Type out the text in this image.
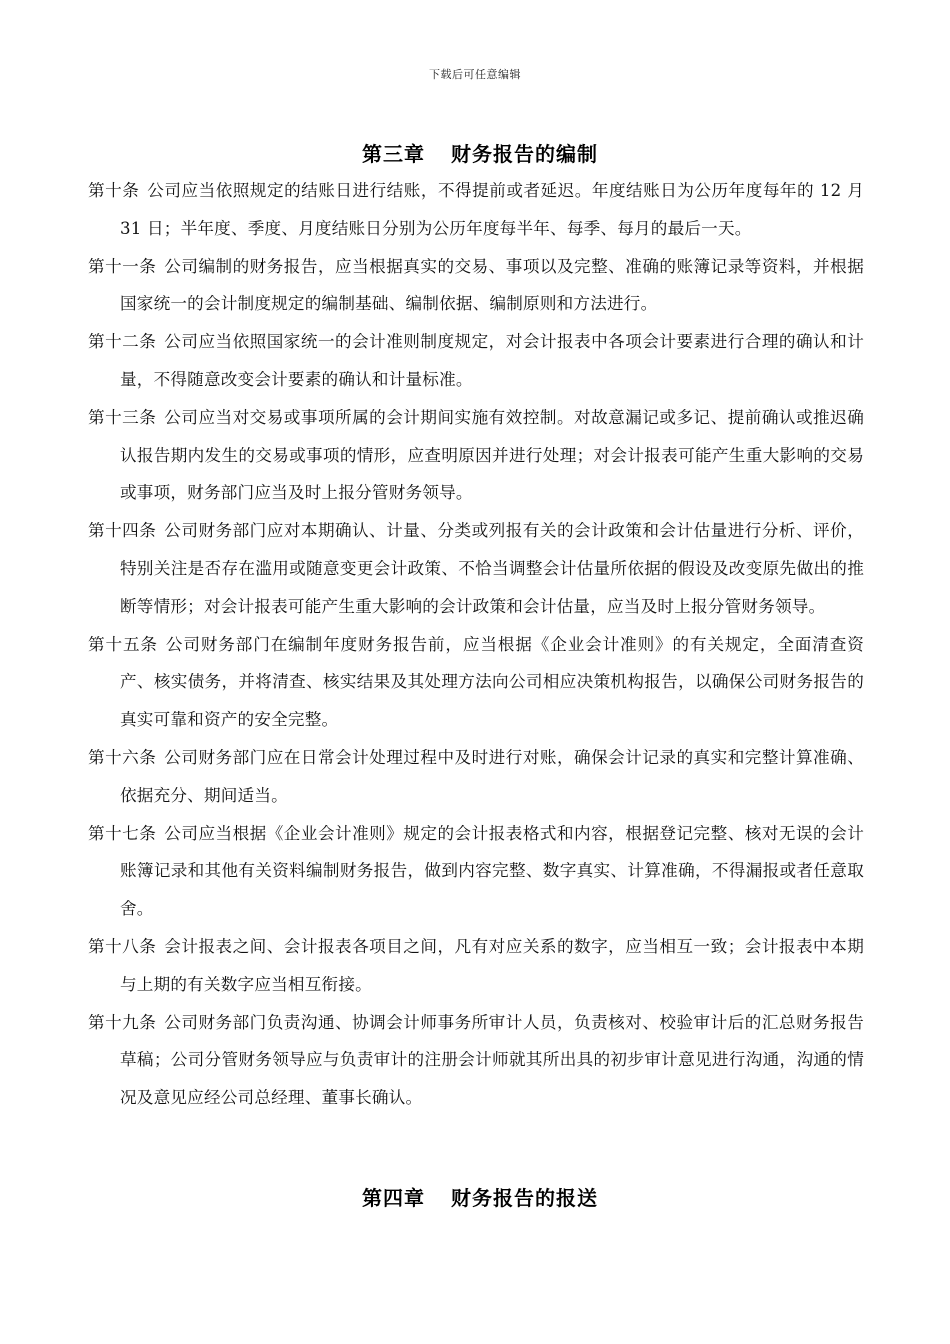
下载后可任意编辑
第三章 财务报告的编制
第十条 公司应当依照规定的结账日进行结账，不得提前或者延迟。年度结账日为公历年度每年的 12 月 31 日；半年度、季度、月度结账日分别为公历年度每半年、每季、每月的最后一天。
第十一条 公司编制的财务报告，应当根据真实的交易、事项以及完整、准确的账簿记录等资料，并根据国家统一的会计制度规定的编制基础、编制依据、编制原则和方法进行。
第十二条 公司应当依照国家统一的会计准则制度规定，对会计报表中各项会计要素进行合理的确认和计量，不得随意改变会计要素的确认和计量标准。
第十三条 公司应当对交易或事项所属的会计期间实施有效控制。对故意漏记或多记、提前确认或推迟确认报告期内发生的交易或事项的情形，应查明原因并进行处理；对会计报表可能产生重大影响的交易或事项，财务部门应当及时上报分管财务领导。
第十四条 公司财务部门应对本期确认、计量、分类或列报有关的会计政策和会计估量进行分析、评价，特别关注是否存在滥用或随意变更会计政策、不恰当调整会计估量所依据的假设及改变原先做出的推断等情形；对会计报表可能产生重大影响的会计政策和会计估量，应当及时上报分管财务领导。
第十五条 公司财务部门在编制年度财务报告前，应当根据《企业会计准则》的有关规定，全面清查资产、核实债务，并将清查、核实结果及其处理方法向公司相应决策机构报告，以确保公司财务报告的真实可靠和资产的安全完整。
第十六条 公司财务部门应在日常会计处理过程中及时进行对账，确保会计记录的真实和完整计算准确、依据充分、期间适当。
第十七条 公司应当根据《企业会计准则》规定的会计报表格式和内容，根据登记完整、核对无误的会计账簿记录和其他有关资料编制财务报告，做到内容完整、数字真实、计算准确，不得漏报或者任意取舍。
第十八条 会计报表之间、会计报表各项目之间，凡有对应关系的数字，应当相互一致；会计报表中本期与上期的有关数字应当相互衔接。
第十九条 公司财务部门负责沟通、协调会计师事务所审计人员，负责核对、校验审计后的汇总财务报告草稿；公司分管财务领导应与负责审计的注册会计师就其所出具的初步审计意见进行沟通，沟通的情况及意见应经公司总经理、董事长确认。
第四章 财务报告的报送
